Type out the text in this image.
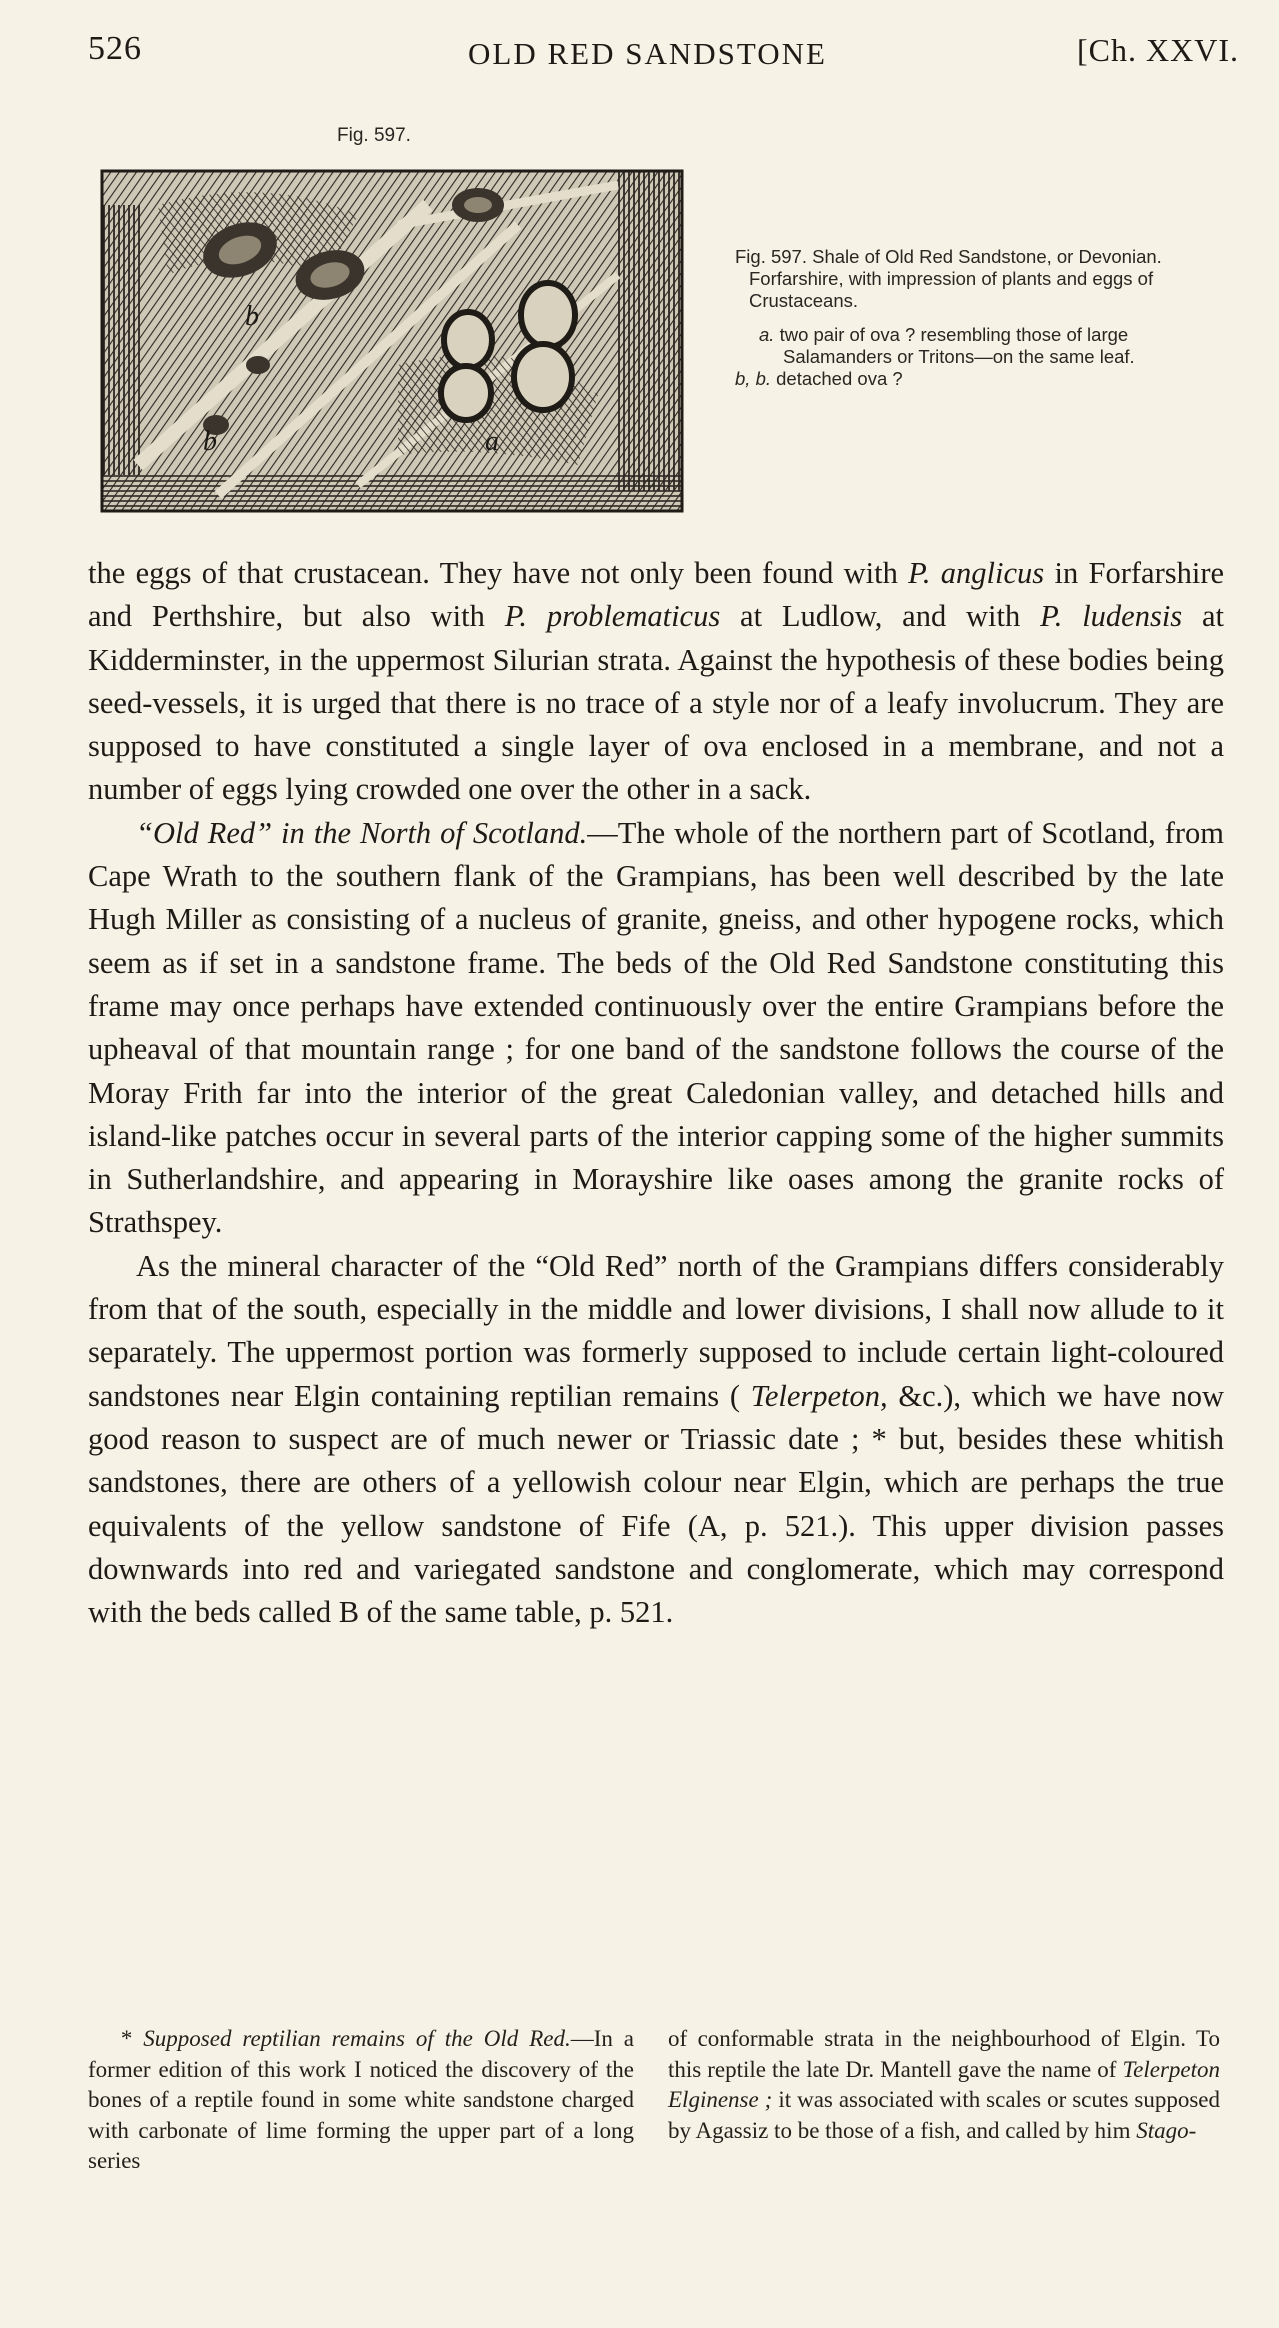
526	OLD RED SANDSTONE	[Ch. XXVI.
Fig. 597.
b
b
a
Fig. 597. Shale of Old Red Sandstone, or Devonian. Forfarshire, with impression of plants and eggs of Crustaceans.
a. two pair of ova ? resembling those of large Salamanders or Tritons—on the same leaf.
b, b. detached ova ?

the eggs of that crustacean. They have not only been found with P. anglicus in Forfarshire and Perthshire, but also with P. problematicus at Ludlow, and with P. ludensis at Kidderminster, in the uppermost Silurian strata. Against the hypothesis of these bodies being seed-vessels, it is urged that there is no trace of a style nor of a leafy involucrum. They are supposed to have constituted a single layer of ova enclosed in a membrane, and not a number of eggs lying crowded one over the other in a sack.

“Old Red” in the North of Scotland.—The whole of the northern part of Scotland, from Cape Wrath to the southern flank of the Grampians, has been well described by the late Hugh Miller as consisting of a nucleus of granite, gneiss, and other hypogene rocks, which seem as if set in a sandstone frame. The beds of the Old Red Sandstone constituting this frame may once perhaps have extended continuously over the entire Grampians before the upheaval of that mountain range ; for one band of the sandstone follows the course of the Moray Frith far into the interior of the great Caledonian valley, and detached hills and island-like patches occur in several parts of the interior capping some of the higher summits in Sutherlandshire, and appearing in Morayshire like oases among the granite rocks of Strathspey.

As the mineral character of the “Old Red” north of the Grampians differs considerably from that of the south, especially in the middle and lower divisions, I shall now allude to it separately. The uppermost portion was formerly supposed to include certain light-coloured sandstones near Elgin containing reptilian remains ( Telerpeton, &c.), which we have now good reason to suspect are of much newer or Triassic date ; * but, besides these whitish sandstones, there are others of a yellowish colour near Elgin, which are perhaps the true equivalents of the yellow sandstone of Fife (A, p. 521.). This upper division passes downwards into red and variegated sandstone and conglomerate, which may correspond with the beds called B of the same table, p. 521.

* Supposed reptilian remains of the Old Red.—In a former edition of this work I noticed the discovery of the bones of a reptile found in some white sandstone charged with carbonate of lime forming the upper part of a long series
of conformable strata in the neighbourhood of Elgin. To this reptile the late Dr. Mantell gave the name of Telerpeton Elginense ; it was associated with scales or scutes supposed by Agassiz to be those of a fish, and called by him Stago-
